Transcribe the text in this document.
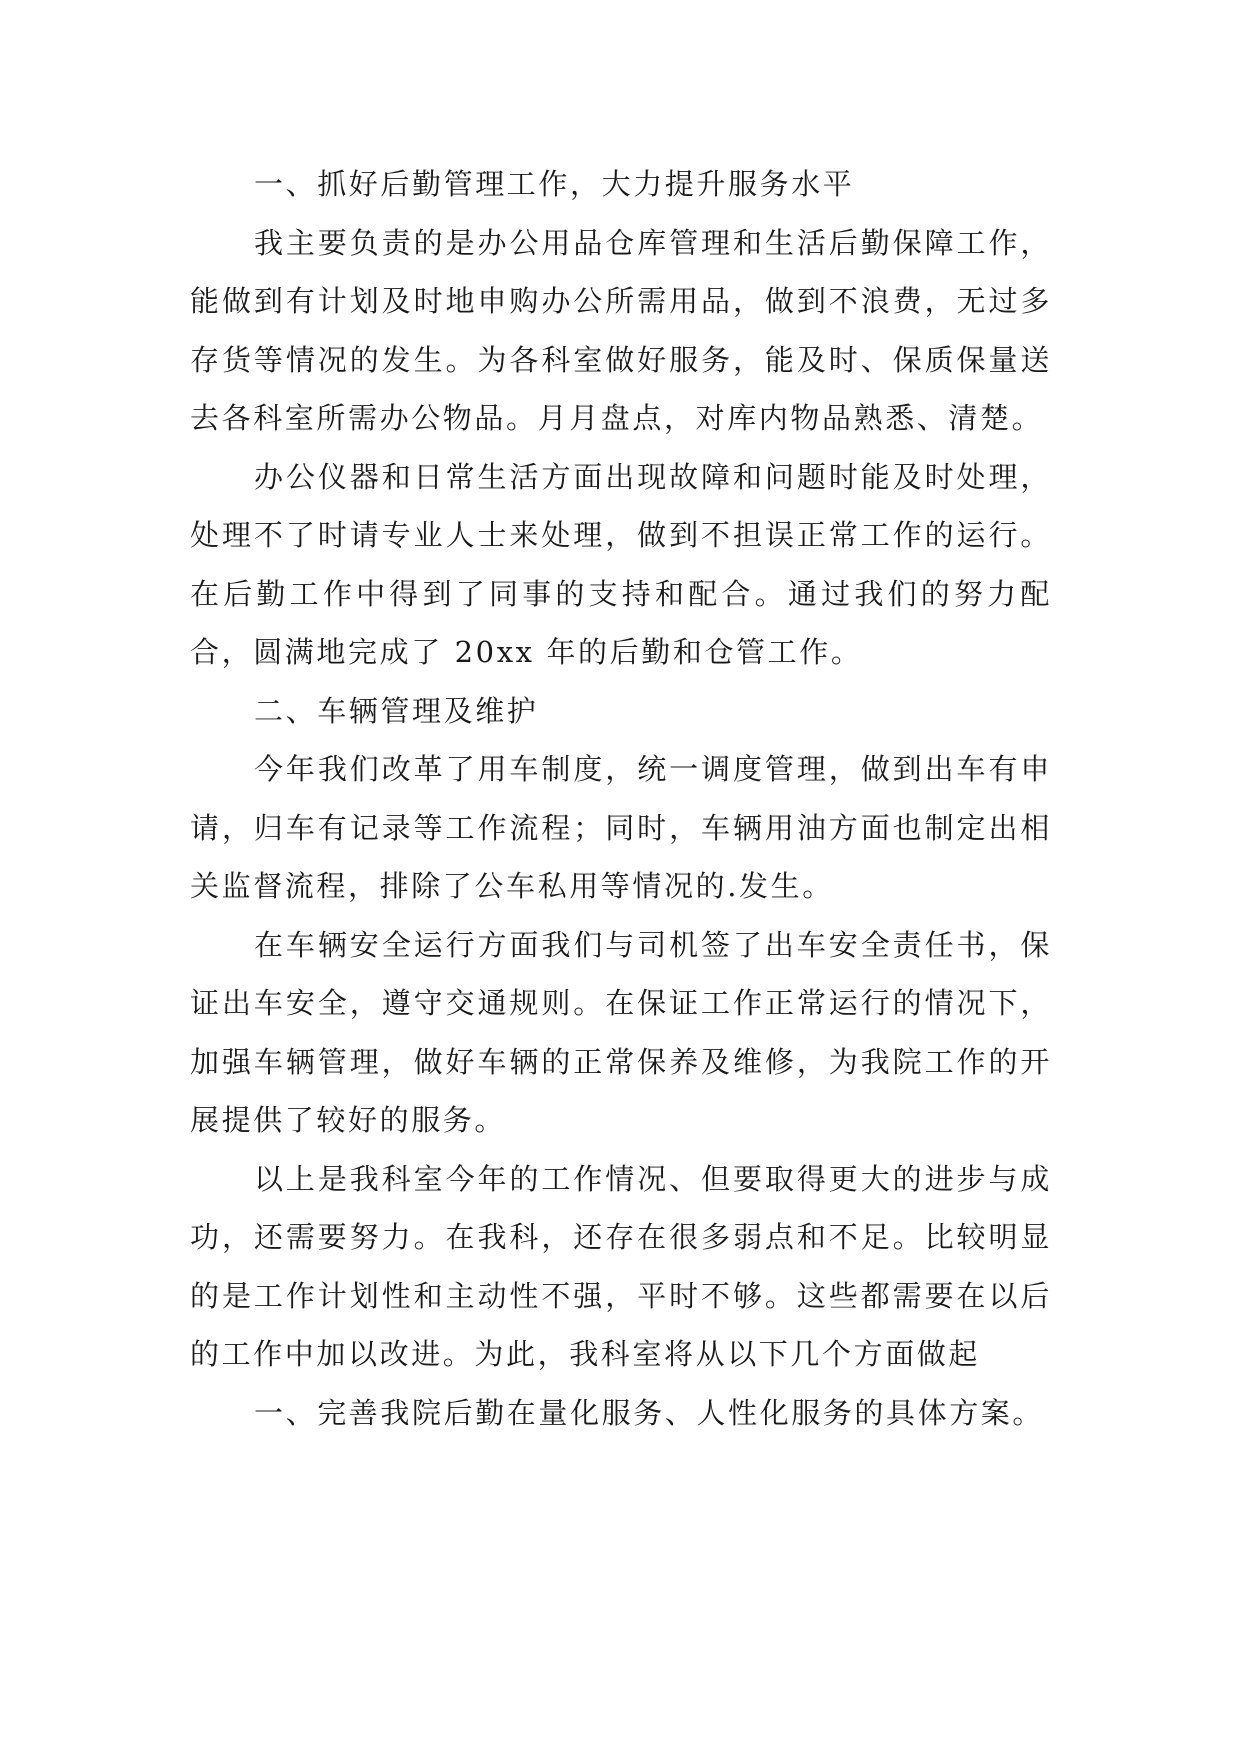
一、抓好后勤管理工作，大力提升服务水平

我主要负责的是办公用品仓库管理和生活后勤保障工作，能做到有计划及时地申购办公所需用品，做到不浪费，无过多存货等情况的发生。为各科室做好服务，能及时、保质保量送去各科室所需办公物品。月月盘点，对库内物品熟悉、清楚。

办公仪器和日常生活方面出现故障和问题时能及时处理，处理不了时请专业人士来处理，做到不担误正常工作的运行。在后勤工作中得到了同事的支持和配合。通过我们的努力配合，圆满地完成了 20xx 年的后勤和仓管工作。

二、车辆管理及维护

今年我们改革了用车制度，统一调度管理，做到出车有申请，归车有记录等工作流程；同时，车辆用油方面也制定出相关监督流程，排除了公车私用等情况的.发生。

在车辆安全运行方面我们与司机签了出车安全责任书，保证出车安全，遵守交通规则。在保证工作正常运行的情况下，加强车辆管理，做好车辆的正常保养及维修，为我院工作的开展提供了较好的服务。

以上是我科室今年的工作情况、但要取得更大的进步与成功，还需要努力。在我科，还存在很多弱点和不足。比较明显的是工作计划性和主动性不强，平时不够。这些都需要在以后的工作中加以改进。为此，我科室将从以下几个方面做起

一、完善我院后勤在量化服务、人性化服务的具体方案。
